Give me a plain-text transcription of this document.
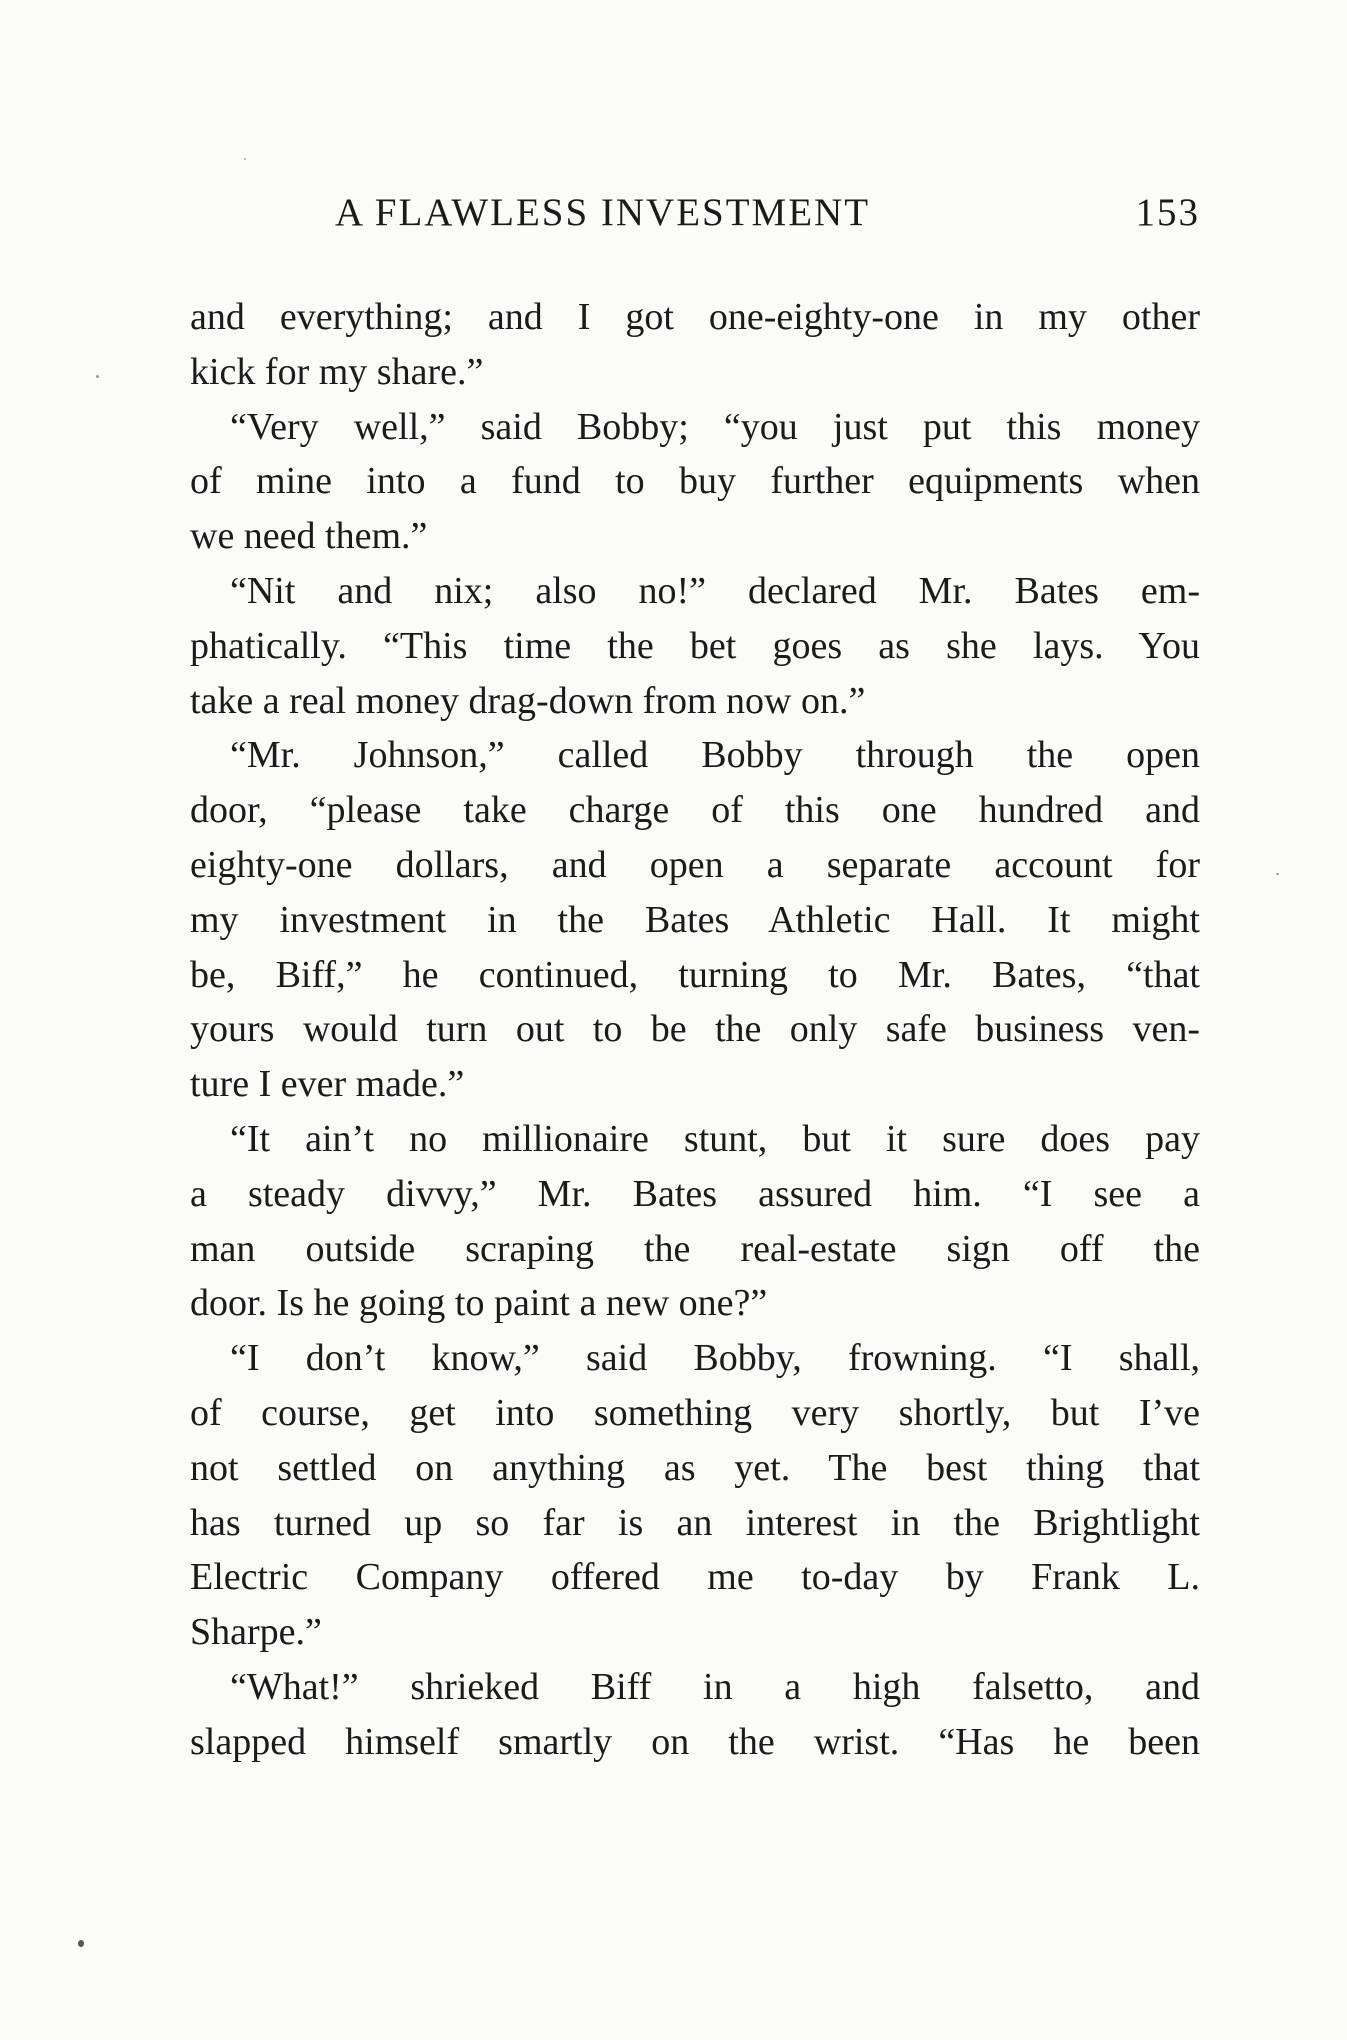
A FLAWLESS INVESTMENT	153

and everything; and I got one-eighty-one in my other

kick for my share.”

“Very well,” said Bobby; “you just put this money

of mine into a fund to buy further equipments when

we need them.”

“Nit and nix; also no!” declared Mr. Bates em-

phatically. “This time the bet goes as she lays. You

take a real money drag-down from now on.”

“Mr. Johnson,” called Bobby through the open

door, “please take charge of this one hundred and

eighty-one dollars, and open a separate account for

my investment in the Bates Athletic Hall. It might

be, Biff,” he continued, turning to Mr. Bates, “that

yours would turn out to be the only safe business ven-

ture I ever made.”

“It ain’t no millionaire stunt, but it sure does pay

a steady divvy,” Mr. Bates assured him. “I see a

man outside scraping the real-estate sign off the

door. Is he going to paint a new one?”

“I don’t know,” said Bobby, frowning. “I shall,

of course, get into something very shortly, but I’ve

not settled on anything as yet. The best thing that

has turned up so far is an interest in the Brightlight

Electric Company offered me to-day by Frank L.

Sharpe.”

“What!” shrieked Biff in a high falsetto, and

slapped himself smartly on the wrist. “Has he been
